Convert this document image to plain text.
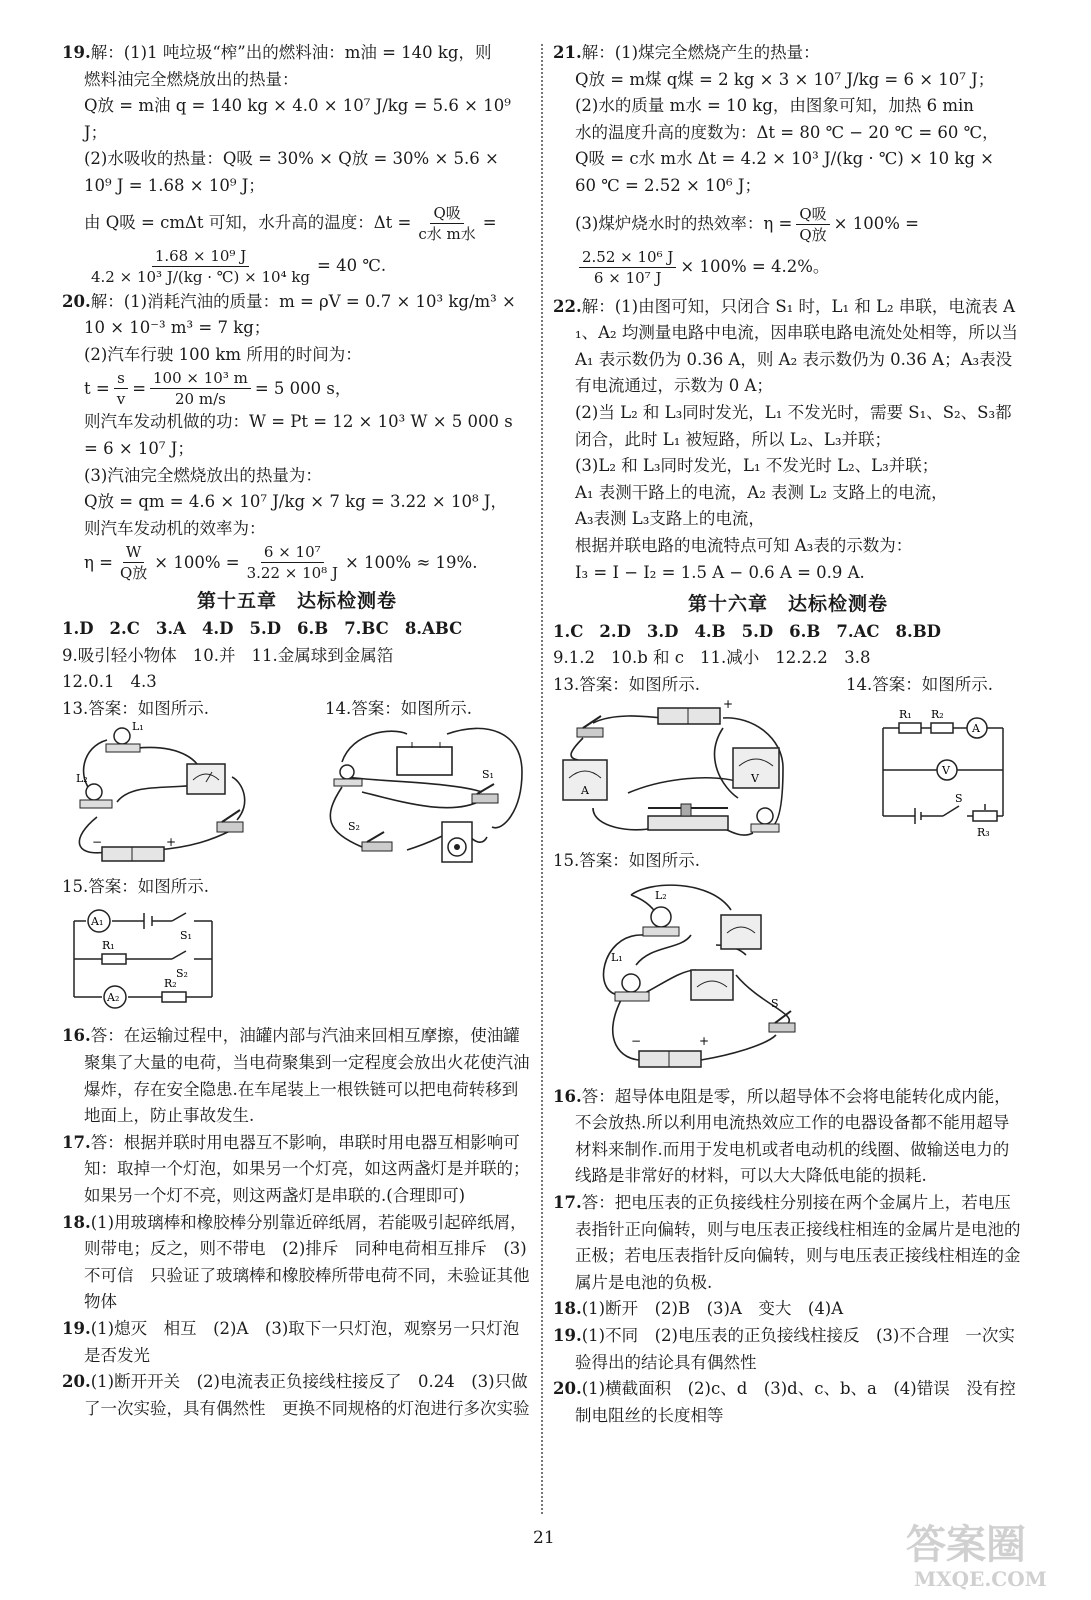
19.解：(1)1 吨垃圾“榨”出的燃料油：m油 = 140 kg，则
燃料油完全燃烧放出的热量：
Q放 = m油 q = 140 kg × 4.0 × 10⁷ J/kg = 5.6 × 10⁹ J；
(2)水吸收的热量：Q吸 = 30% × Q放 = 30% × 5.6 ×
10⁹ J = 1.68 × 10⁹ J；
由 Q吸 = cmΔt 可知，水升高的温度：$\Delta t = \frac{\text{Q吸}}{\text{c水 m水}}$ =
$\frac{\text{1.68 × 10⁹ J}}{\text{4.2 × 10³ J/(kg · ℃) × 10⁴ kg}} = 40$ ℃.
20.解：(1)消耗汽油的质量：m = ρV = 0.7 × 10³ kg/m³ ×
10 × 10⁻³ m³ = 7 kg；
(2)汽车行驶 100 km 所用的时间为：
$t = \frac{s}{v} = \frac{\text{100 × 10³ m}}{20 m/s} = 5$ 000 s，
则汽车发动机做的功：W = Pt = 12 × 10³ W × 5 000 s
= 6 × 10⁷ J；
(3)汽油完全燃烧放出的热量为：
Q放 = qm = 4.6 × 10⁷ J/kg × 7 kg = 3.22 × 10⁸ J，
则汽车发动机的效率为：
$\eta = \frac{W}{\text{Q放}} \times 100\% = \frac{\text{6 × 10⁷}}{\text{3.22 × 10⁸ J}} \times 100\% \approx 19\%$.
第十五章　达标检测卷
1.D 2.C 3.A 4.D 5.D 6.B 7.BC 8.ABC
9.吸引轻小物体 10.并 11.金属球到金属箔
12.0.1 4.3
13.答案：如图所示.	14.答案：如图所示.
L₁
L₂
−	+
S₁
S₂
15.答案：如图所示.
A₁
R₁
S₁
S₂
A₂
R₂
16.答：在运输过程中，油罐内部与汽油来回相互摩擦，使油罐聚集了大量的电荷，当电荷聚集到一定程度会放出火花使汽油爆炸，存在安全隐患.在车尾装上一根铁链可以把电荷转移到地面上，防止事故发生.
17.答：根据并联时用电器互不影响，串联时用电器互相影响可知：取掉一个灯泡，如果另一个灯亮，如这两盏灯是并联的；如果另一个灯不亮，则这两盏灯是串联的.(合理即可)
18.(1)用玻璃棒和橡胶棒分别靠近碎纸屑，若能吸引起碎纸屑，则带电；反之，则不带电　(2)排斥　同种电荷相互排斥　(3)不可信　只验证了玻璃棒和橡胶棒所带电荷不同，未验证其他物体
19.(1)熄灭　相互　(2)A　(3)取下一只灯泡，观察另一只灯泡是否发光
20.(1)断开开关　(2)电流表正负接线柱接反了　0.24　(3)只做了一次实验，具有偶然性　更换不同规格的灯泡进行多次实验
21.解：(1)煤完全燃烧产生的热量：
Q放 = m煤 q煤 = 2 kg × 3 × 10⁷ J/kg = 6 × 10⁷ J；
(2)水的质量 m水 = 10 kg，由图象可知，加热 6 min
水的温度升高的度数为：Δt = 80 ℃ − 20 ℃ = 60 ℃，
Q吸 = c水 m水 Δt = 4.2 × 10³ J/(kg · ℃) × 10 kg ×
60 ℃ = 2.52 × 10⁶ J；
(3)煤炉烧水时的热效率：$\eta = \frac{\text{Q吸}}{\text{Q放}} \times 100\%$ =
$\frac{\text{2.52 × 10⁶ J}}{\text{6 × 10⁷ J}} \times 100\% = 4.2\%$。
22.解：(1)由图可知，只闭合 S₁ 时，L₁ 和 L₂ 串联，电流表 A₁、A₂ 均测量电路中电流，因串联电路电流处处相等，所以当 A₁ 表示数仍为 0.36 A，则 A₂ 表示数仍为 0.36 A；A₃表没有电流通过，示数为 0 A；
(2)当 L₂ 和 L₃同时发光，L₁ 不发光时，需要 S₁、S₂、S₃都闭合，此时 L₁ 被短路，所以 L₂、L₃并联；
(3)L₂ 和 L₃同时发光，L₁ 不发光时 L₂、L₃并联；
A₁ 表测干路上的电流，A₂ 表测 L₂ 支路上的电流，
A₃表测 L₃支路上的电流，
根据并联电路的电流特点可知 A₃表的示数为：
I₃ = I − I₂ = 1.5 A − 0.6 A = 0.9 A.
第十六章　达标检测卷
1.C 2.D 3.D 4.B 5.D 6.B 7.AC 8.BD
9.1.2 10.b 和 c 11.减小 12.2.2　3.8
13.答案：如图所示.	14.答案：如图所示.
+
A
V
R₁ R₂
A
V
S
R₃
15.答案：如图所示.
L₂
L₁
S
−	+
16.答：超导体电阻是零，所以超导体不会将电能转化成内能，不会放热.所以利用电流热效应工作的电器设备都不能用超导材料来制作.而用于发电机或者电动机的线圈、做输送电力的线路是非常好的材料，可以大大降低电能的损耗.
17.答：把电压表的正负接线柱分别接在两个金属片上，若电压表指针正向偏转，则与电压表正接线柱相连的金属片是电池的正极；若电压表指针反向偏转，则与电压表正接线柱相连的金属片是电池的负极.
18.(1)断开　(2)B　(3)A　变大　(4)A
19.(1)不同　(2)电压表的正负接线柱接反　(3)不合理　一次实验得出的结论具有偶然性
20.(1)横截面积　(2)c、d　(3)d、c、b、a　(4)错误　没有控制电阻丝的长度相等
21	答案圈
MXQE.COM
